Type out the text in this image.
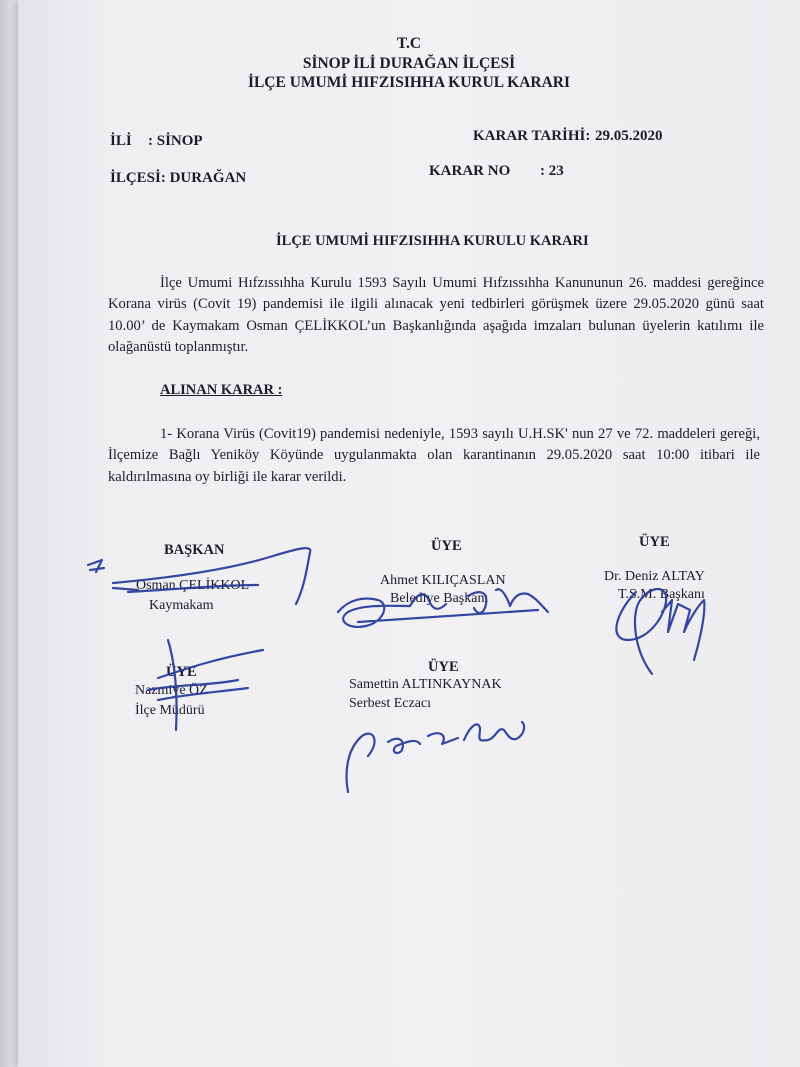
T.C

SİNOP İLİ DURAĞAN İLÇESİ

İLÇE UMUMİ HIFZISIHHA KURUL KARARI

İLİ : SİNOP	KARAR TARİHİ: 29.05.2020
İLÇESİ: DURAĞAN	KARAR NO : 23

İLÇE UMUMİ HIFZISIHHA KURULU KARARI

İlçe Umumi Hıfzıssıhha Kurulu 1593 Sayılı Umumi Hıfzıssıhha Kanununun 26. maddesi gereğince Korana virüs (Covit 19) pandemisi ile ilgili alınacak yeni tedbirleri görüşmek üzere 29.05.2020 günü saat 10.00’ de Kaymakam Osman ÇELİKKOL’un Başkanlığında aşağıda imzaları bulunan üyelerin katılımı ile olağanüstü toplanmıştır.

ALINAN KARAR :

1- Korana Virüs (Covit19) pandemisi nedeniyle, 1593 sayılı U.H.SK' nun 27 ve 72. maddeleri gereği, İlçemize Bağlı Yeniköy Köyünde uygulanmakta olan karantinanın 29.05.2020 saat 10:00 itibari ile kaldırılmasına oy birliği ile karar verildi.

BAŞKAN
Osman ÇELİKKOL
Kaymakam
ÜYE
Ahmet KILIÇASLAN
Belediye Başkanı
ÜYE
Dr. Deniz ALTAY
T.S.M. Başkanı
ÜYE
Nazmiye ÖZ
İlçe Müdürü
ÜYE
Samettin ALTINKAYNAK
Serbest Eczacı
